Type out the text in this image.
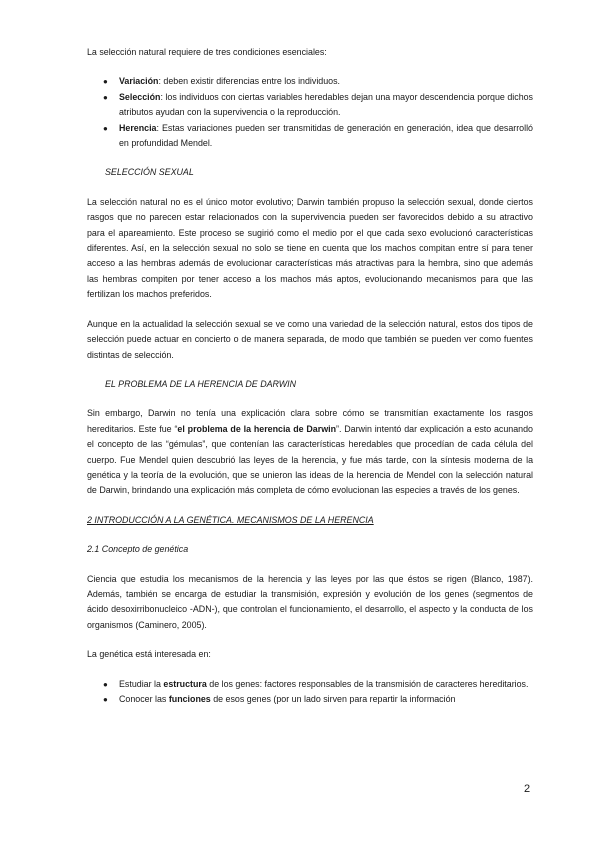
La selección natural requiere de tres condiciones esenciales:

● Variación: deben existir diferencias entre los individuos.
● Selección: los individuos con ciertas variables heredables dejan una mayor descendencia porque dichos atributos ayudan con la supervivencia o la reproducción.
● Herencia: Estas variaciones pueden ser transmitidas de generación en generación, idea que desarrolló en profundidad Mendel.
SELECCIÓN SEXUAL

La selección natural no es el único motor evolutivo; Darwin también propuso la selección sexual, donde ciertos rasgos que no parecen estar relacionados con la supervivencia pueden ser favorecidos debido a su atractivo para el apareamiento. Este proceso se sugirió como el medio por el que cada sexo evolucionó características diferentes. Así, en la selección sexual no solo se tiene en cuenta que los machos compitan entre sí para tener acceso a las hembras además de evolucionar características más atractivas para la hembra, sino que además las hembras compiten por tener acceso a los machos más aptos, evolucionando mecanismos para que las fertilizan los machos preferidos.

Aunque en la actualidad la selección sexual se ve como una variedad de la selección natural, estos dos tipos de selección puede actuar en concierto o de manera separada, de modo que también se pueden ver como fuentes distintas de selección.

EL PROBLEMA DE LA HERENCIA DE DARWIN

Sin embargo, Darwin no tenía una explicación clara sobre cómo se transmitían exactamente los rasgos hereditarios. Este fue “el problema de la herencia de Darwin”. Darwin intentó dar explicación a esto acunando el concepto de las “gémulas”, que contenían las características heredables que procedían de cada célula del cuerpo. Fue Mendel quien descubrió las leyes de la herencia, y fue más tarde, con la síntesis moderna de la genética y la teoría de la evolución, que se unieron las ideas de la herencia de Mendel con la selección natural de Darwin, brindando una explicación más completa de cómo evolucionan las especies a través de los genes.

2 INTRODUCCIÓN A LA GENÉTICA. MECANISMOS DE LA HERENCIA
2.1 Concepto de genética

Ciencia que estudia los mecanismos de la herencia y las leyes por las que éstos se rigen (Blanco, 1987). Además, también se encarga de estudiar la transmisión, expresión y evolución de los genes (segmentos de ácido desoxirribonucleico -ADN-), que controlan el funcionamiento, el desarrollo, el aspecto y la conducta de los organismos (Caminero, 2005).

La genética está interesada en:

● Estudiar la estructura de los genes: factores responsables de la transmisión de caracteres hereditarios.
● Conocer las funciones de esos genes (por un lado sirven para repartir la información
2
